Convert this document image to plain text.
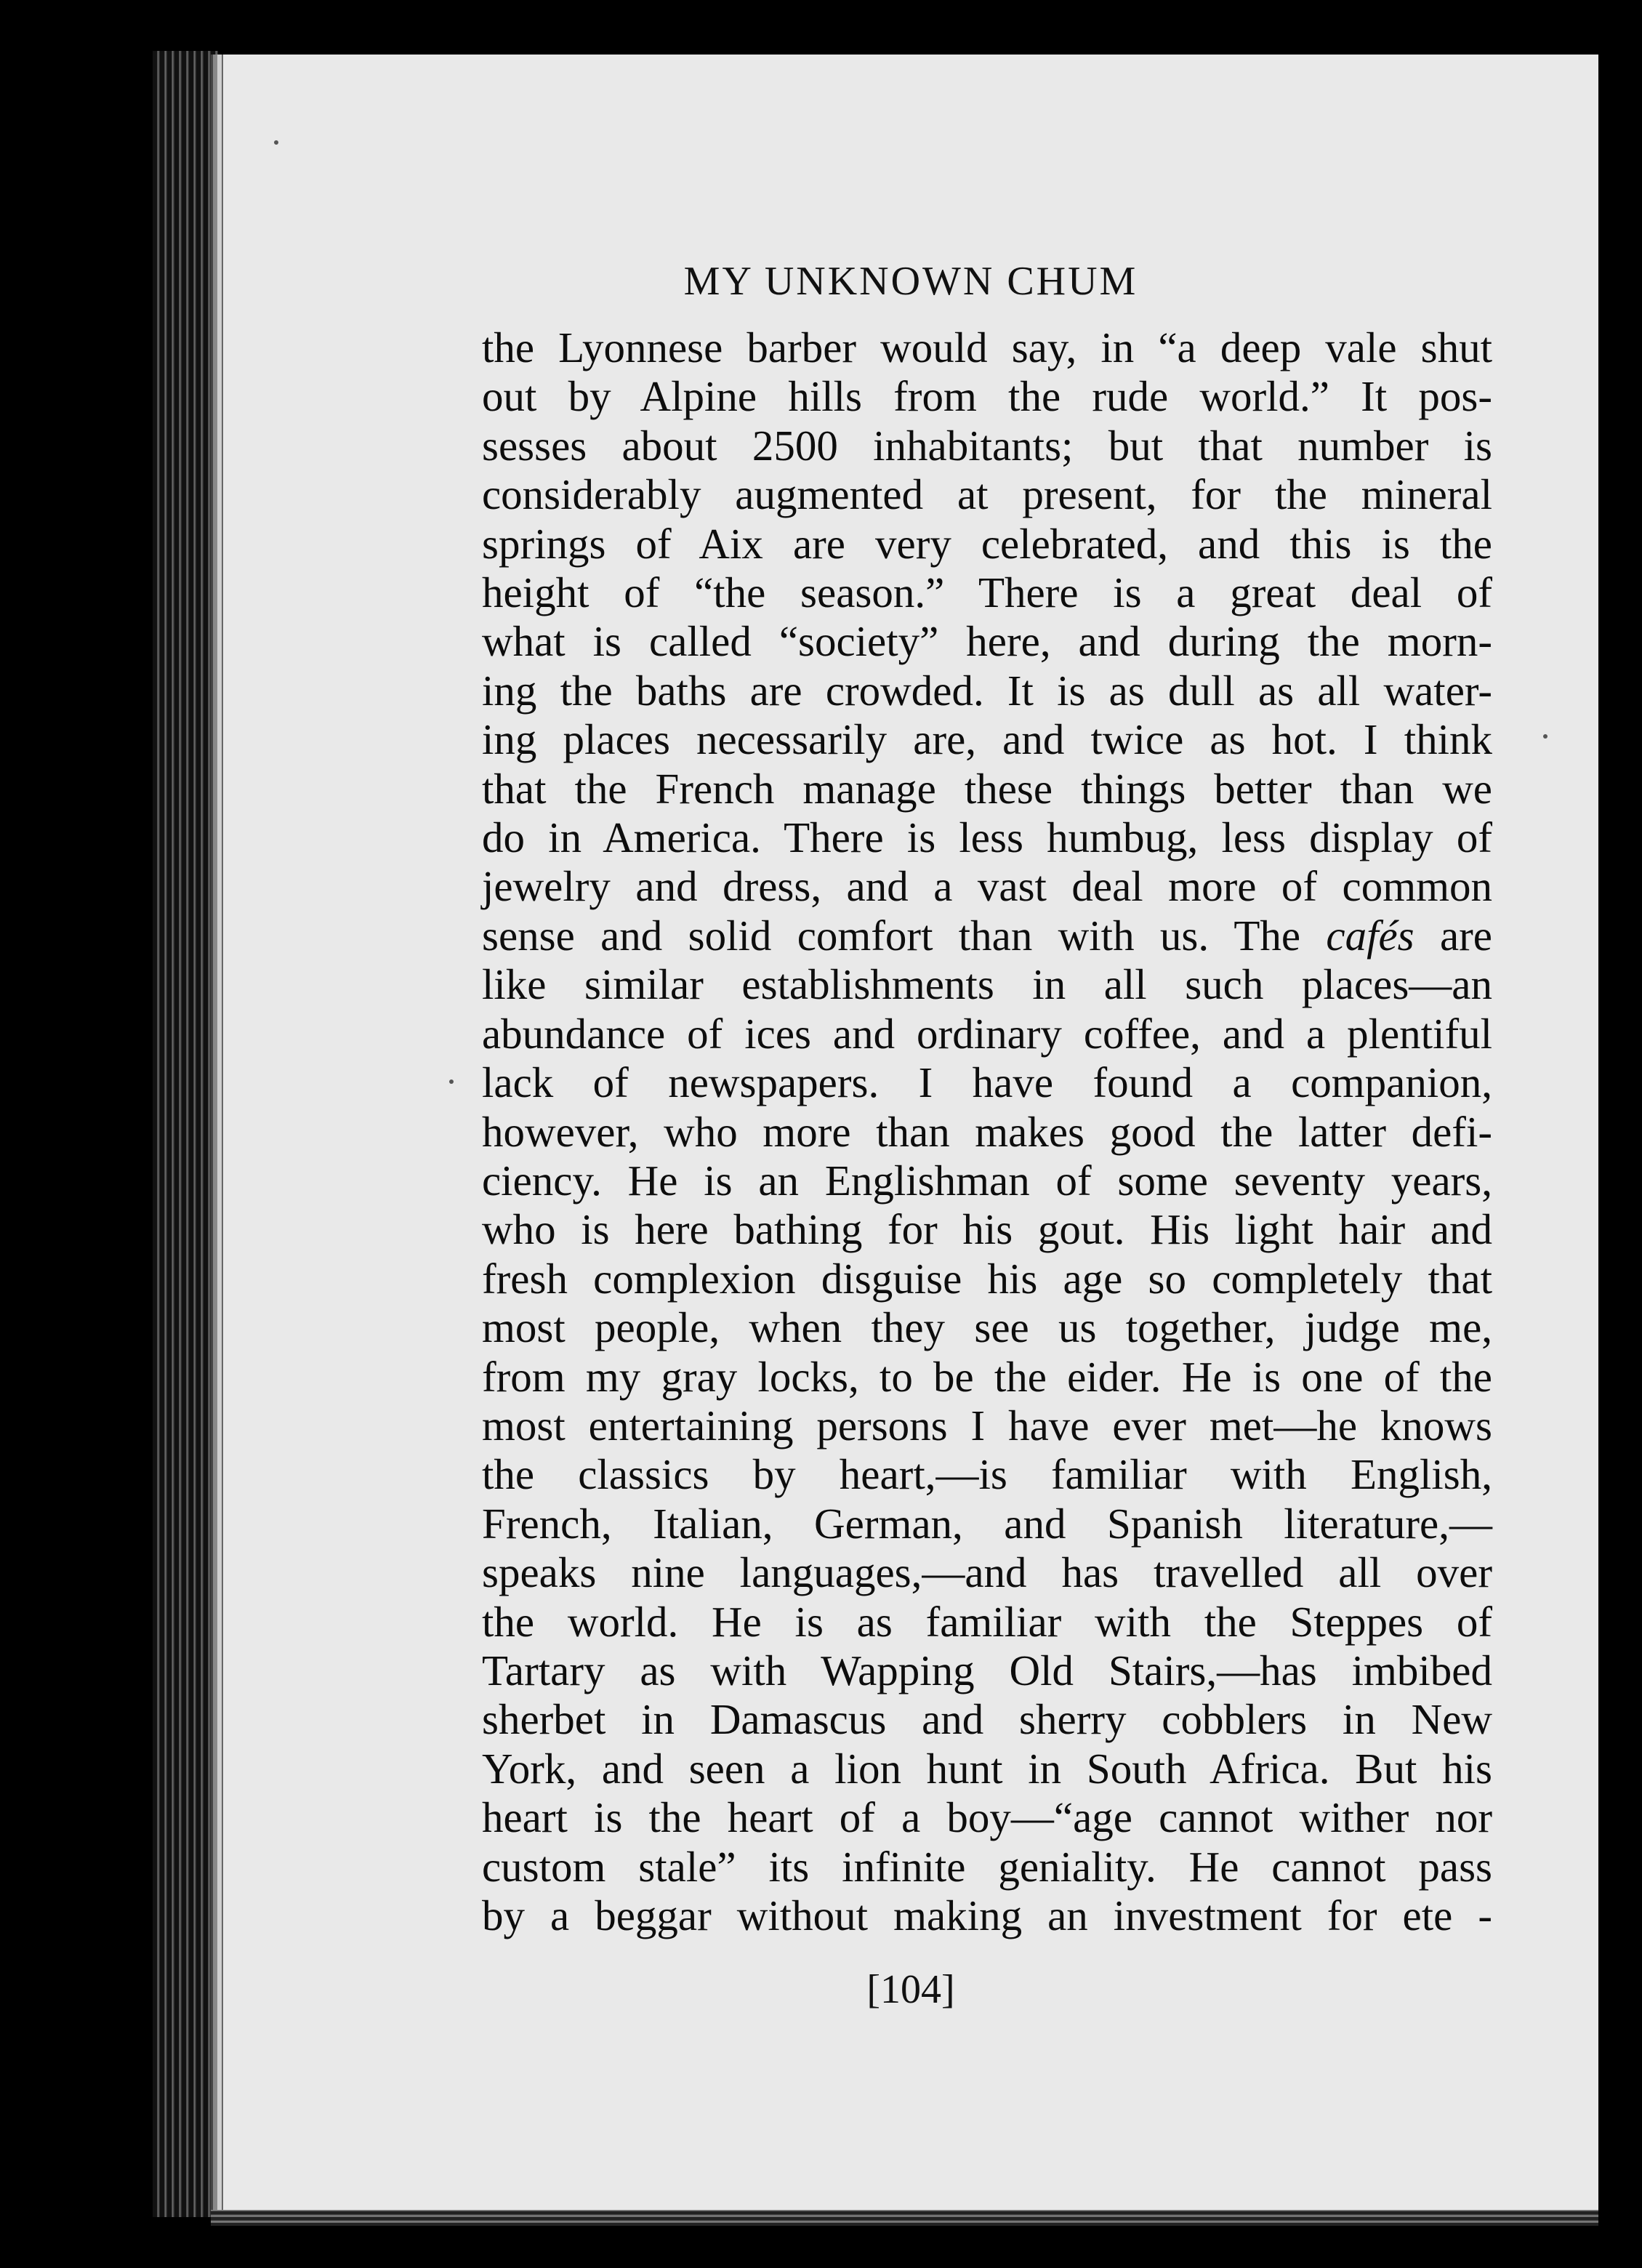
MY UNKNOWN CHUM
the Lyonnese barber would say, in “a deep vale shut
out by Alpine hills from the rude world.” It pos-
sesses about 2500 inhabitants; but that number is
considerably augmented at present, for the mineral
springs of Aix are very celebrated, and this is the
height of “the season.” There is a great deal of
what is called “society” here, and during the morn-
ing the baths are crowded. It is as dull as all water-
ing places necessarily are, and twice as hot. I think
that the French manage these things better than we
do in America. There is less humbug, less display of
jewelry and dress, and a vast deal more of common
sense and solid comfort than with us. The cafés are
like similar establishments in all such places—an
abundance of ices and ordinary coffee, and a plentiful
lack of newspapers. I have found a companion,
however, who more than makes good the latter defi-
ciency. He is an Englishman of some seventy years,
who is here bathing for his gout. His light hair and
fresh complexion disguise his age so completely that
most people, when they see us together, judge me,
from my gray locks, to be the eider. He is one of the
most entertaining persons I have ever met—he knows
the classics by heart,—is familiar with English,
French, Italian, German, and Spanish literature,—
speaks nine languages,—and has travelled all over
the world. He is as familiar with the Steppes of
Tartary as with Wapping Old Stairs,—has imbibed
sherbet in Damascus and sherry cobblers in New
York, and seen a lion hunt in South Africa. But his
heart is the heart of a boy—“age cannot wither nor
custom stale” its infinite geniality. He cannot pass
by a beggar without making an investment for ete -
[104]
